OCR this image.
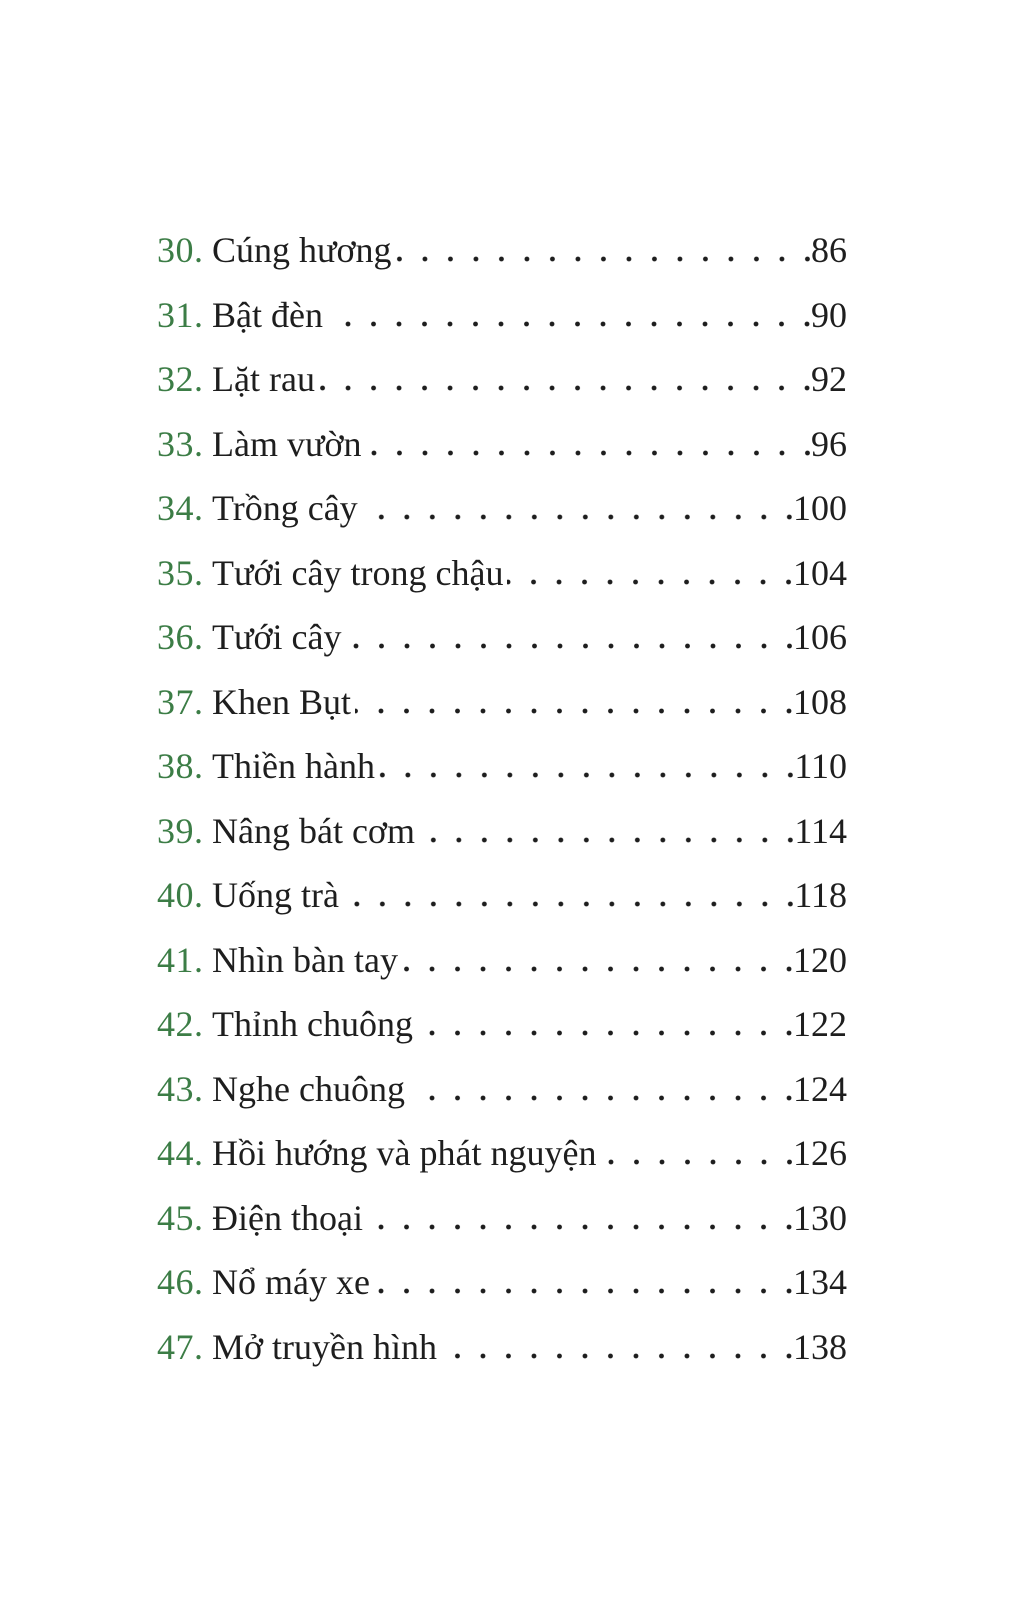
30. Cúng hương	86
31. Bật đèn	90
32. Lặt rau	92
33. Làm vườn	96
34. Trồng cây	100
35. Tưới cây trong chậu	104
36. Tưới cây	106
37. Khen Bụt	108
38. Thiền hành	110
39. Nâng bát cơm	114
40. Uống trà	118
41. Nhìn bàn tay	120
42. Thỉnh chuông	122
43. Nghe chuông	124
44. Hồi hướng và phát nguyện	126
45. Điện thoại	130
46. Nổ máy xe	134
47. Mở truyền hình	138
